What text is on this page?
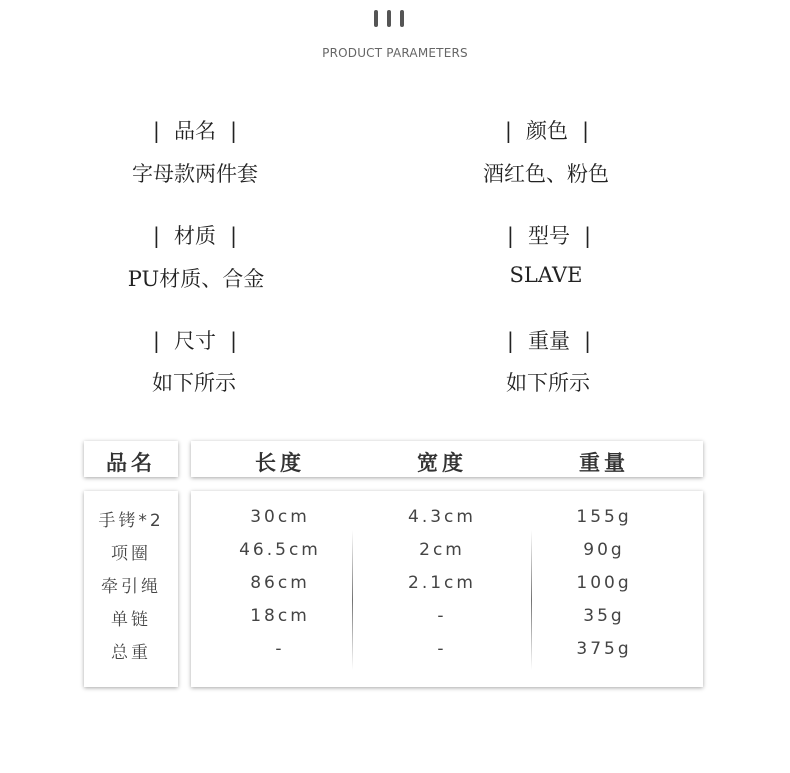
PRODUCT PARAMETERS
| 品名 |	| 颜色 |
字母款两件套	酒红色、粉色
| 材质 |	| 型号 |
PU材质、合金	SLAVE
| 尺寸 |	| 重量 |
如下所示	如下所示
品名	长度	宽度	重量
手铐*2	30cm	4.3cm	155g
项圈	46.5cm	2cm	90g
牵引绳	86cm	2.1cm	100g
单链	18cm	-	35g
总重	-	-	375g
